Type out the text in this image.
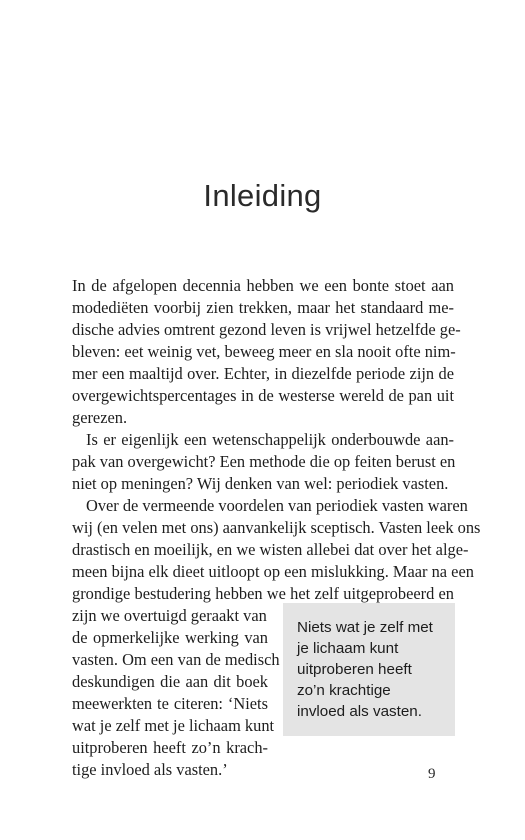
Inleiding
In de afgelopen decennia hebben we een bonte stoet aan
modediëten voorbij zien trekken, maar het standaard me-
dische advies omtrent gezond leven is vrijwel hetzelfde ge-
bleven: eet weinig vet, beweeg meer en sla nooit ofte nim-
mer een maaltijd over. Echter, in diezelfde periode zijn de
overgewichtspercentages in de westerse wereld de pan uit
gerezen.
Is er eigenlijk een wetenschappelijk onderbouwde aan-
pak van overgewicht? Een methode die op feiten berust en
niet op meningen? Wij denken van wel: periodiek vasten.
Over de vermeende voordelen van periodiek vasten waren
wij (en velen met ons) aanvankelijk sceptisch. Vasten leek ons
drastisch en moeilijk, en we wisten allebei dat over het alge-
meen bijna elk dieet uitloopt op een mislukking. Maar na een
grondige bestudering hebben we het zelf uitgeprobeerd en
zijn we overtuigd geraakt van
de opmerkelijke werking van
vasten. Om een van de medisch
deskundigen die aan dit boek
meewerkten te citeren: ‘Niets
wat je zelf met je lichaam kunt
uitproberen heeft zo’n krach-
tige invloed als vasten.’
Niets wat je zelf met
je lichaam kunt
uitproberen heeft
zo’n krachtige
invloed als vasten.
9
